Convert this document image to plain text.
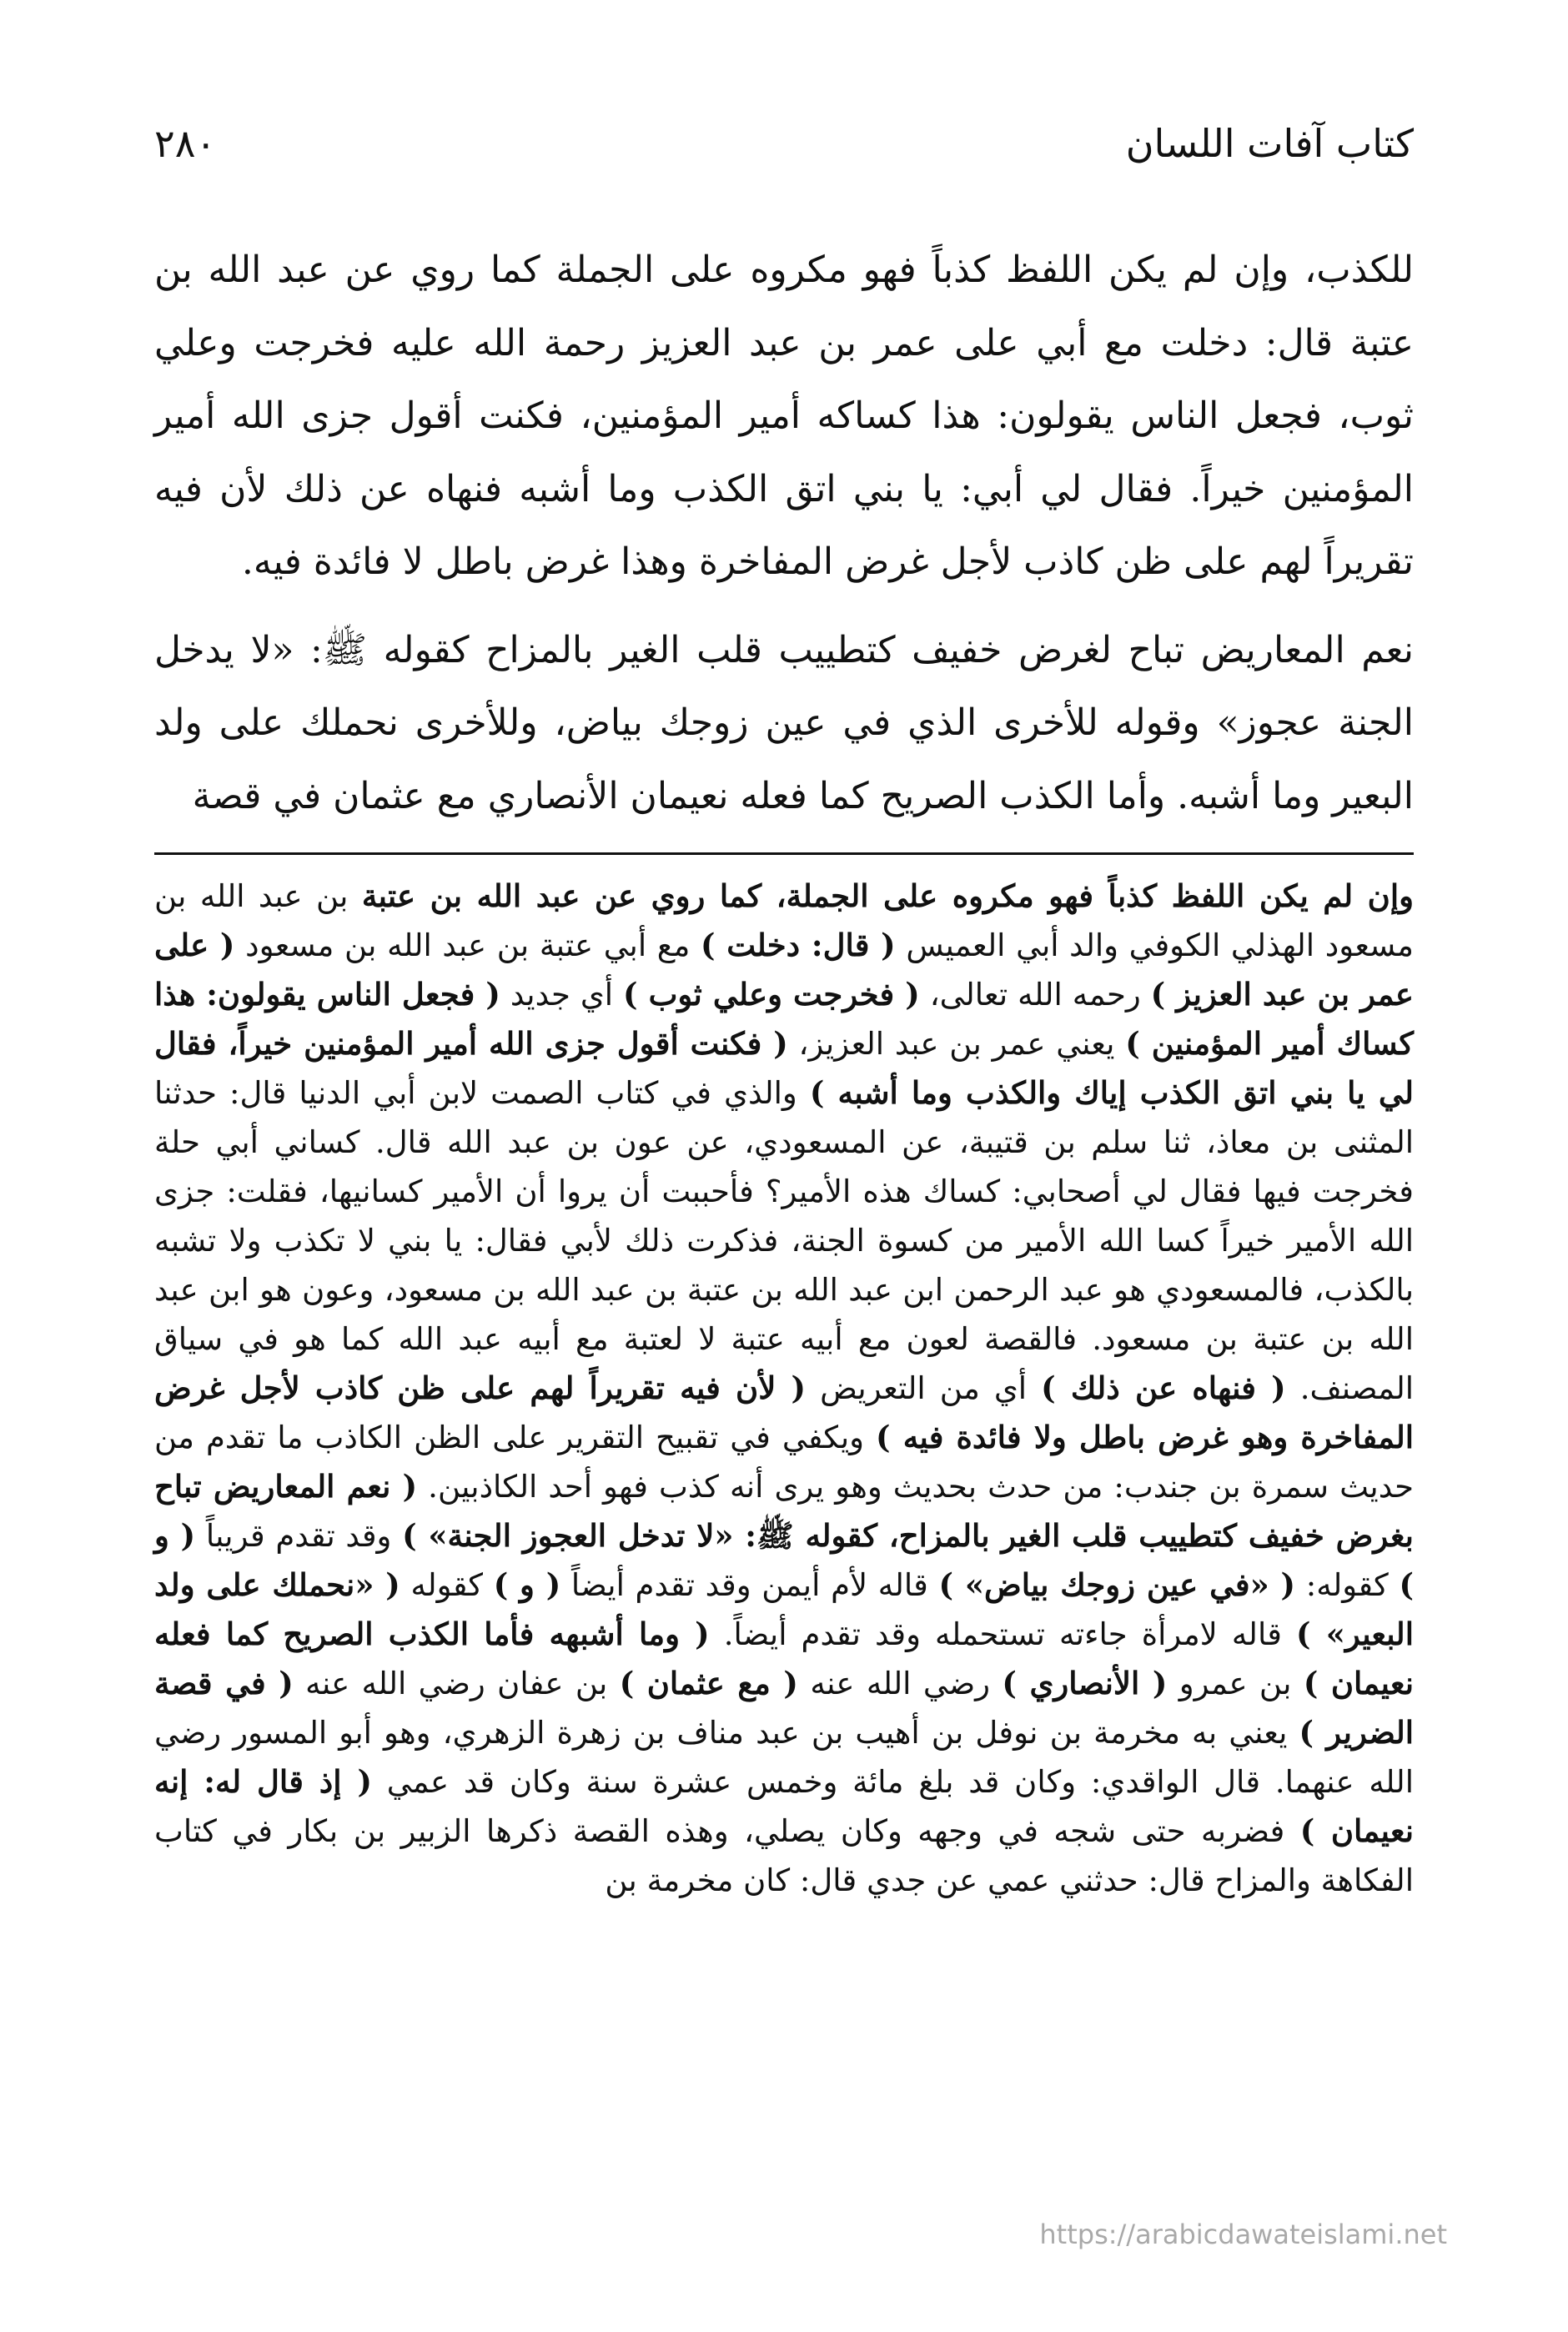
كتاب آفات اللسان
٢٨٠

للكذب، وإن لم يكن اللفظ كذباً فهو مكروه على الجملة كما روي عن عبد الله بن عتبة قال: دخلت مع أبي على عمر بن عبد العزيز رحمة الله عليه فخرجت وعلي ثوب، فجعل الناس يقولون: هذا كساكه أمير المؤمنين، فكنت أقول جزى الله أمير المؤمنين خيراً. فقال لي أبي: يا بني اتق الكذب وما أشبه فنهاه عن ذلك لأن فيه تقريراً لهم على ظن كاذب لأجل غرض المفاخرة وهذا غرض باطل لا فائدة فيه.

نعم المعاريض تباح لغرض خفيف كتطييب قلب الغير بالمزاح كقوله ﷺ: «لا يدخل الجنة عجوز» وقوله للأخرى الذي في عين زوجك بياض، وللأخرى نحملك على ولد البعير وما أشبه. وأما الكذب الصريح كما فعله نعيمان الأنصاري مع عثمان في قصة

وإن لم يكن اللفظ كذباً فهو مكروه على الجملة، كما روي عن عبد الله بن عتبة بن عبد الله بن مسعود الهذلي الكوفي والد أبي العميس ( قال: دخلت ) مع أبي عتبة بن عبد الله بن مسعود ( على عمر بن عبد العزيز ) رحمه الله تعالى، ( فخرجت وعلي ثوب ) أي جديد ( فجعل الناس يقولون: هذا كساك أمير المؤمنين ) يعني عمر بن عبد العزيز، ( فكنت أقول جزى الله أمير المؤمنين خيراً، فقال لي يا بني اتق الكذب إياك والكذب وما أشبه ) والذي في كتاب الصمت لابن أبي الدنيا قال: حدثنا المثنى بن معاذ، ثنا سلم بن قتيبة، عن المسعودي، عن عون بن عبد الله قال. كساني أبي حلة فخرجت فيها فقال لي أصحابي: كساك هذه الأمير؟ فأحببت أن يروا أن الأمير كسانيها، فقلت: جزى الله الأمير خيراً كسا الله الأمير من كسوة الجنة، فذكرت ذلك لأبي فقال: يا بني لا تكذب ولا تشبه بالكذب، فالمسعودي هو عبد الرحمن ابن عبد الله بن عتبة بن عبد الله بن مسعود، وعون هو ابن عبد الله بن عتبة بن مسعود. فالقصة لعون مع أبيه عتبة لا لعتبة مع أبيه عبد الله كما هو في سياق المصنف. ( فنهاه عن ذلك ) أي من التعريض ( لأن فيه تقريراً لهم على ظن كاذب لأجل غرض المفاخرة وهو غرض باطل ولا فائدة فيه ) ويكفي في تقبيح التقرير على الظن الكاذب ما تقدم من حديث سمرة بن جندب: من حدث بحديث وهو يرى أنه كذب فهو أحد الكاذبين. ( نعم المعاريض تباح بغرض خفيف كتطييب قلب الغير بالمزاح، كقوله ﷺ: «لا تدخل العجوز الجنة» ) وقد تقدم قريباً ( و ) كقوله: ( «في عين زوجك بياض» ) قاله لأم أيمن وقد تقدم أيضاً ( و ) كقوله ( «نحملك على ولد البعير» ) قاله لامرأة جاءته تستحمله وقد تقدم أيضاً. ( وما أشبهه فأما الكذب الصريح كما فعله نعيمان ) بن عمرو ( الأنصاري ) رضي الله عنه ( مع عثمان ) بن عفان رضي الله عنه ( في قصة الضرير ) يعني به مخرمة بن نوفل بن أهيب بن عبد مناف بن زهرة الزهري، وهو أبو المسور رضي الله عنهما. قال الواقدي: وكان قد بلغ مائة وخمس عشرة سنة وكان قد عمي ( إذ قال له: إنه نعيمان ) فضربه حتى شجه في وجهه وكان يصلي، وهذه القصة ذكرها الزبير بن بكار في كتاب الفكاهة والمزاح قال: حدثني عمي عن جدي قال: كان مخرمة بن

https://arabicdawateislami.net
